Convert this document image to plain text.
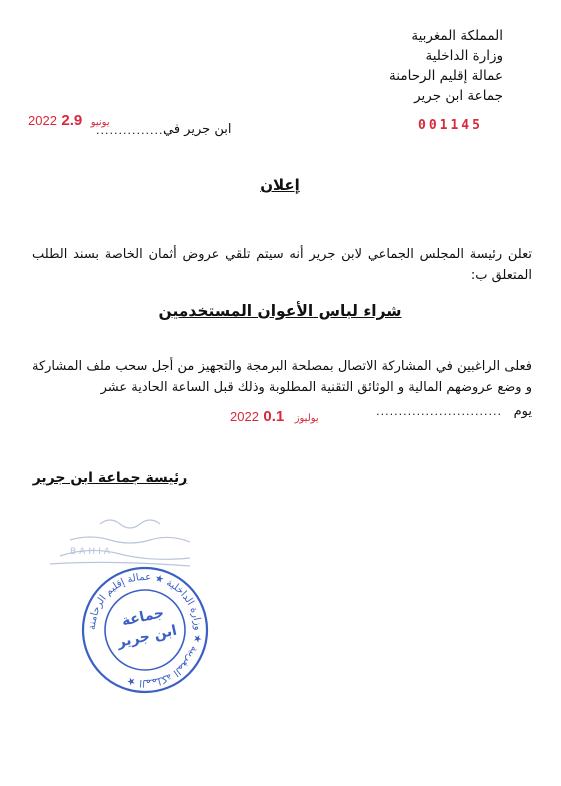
المملكة المغربية
وزارة الداخلية
عمالة إقليم الرحامنة
جماعة ابن جرير
001145
2022	يونيو 2.9
................
ابن جرير في
إعلان
تعلن رئيسة المجلس الجماعي لابن جرير أنه سيتم تلقي عروض أثمان الخاصة بسند الطلب المتعلق ب:
شراء لباس الأعوان المستخدمين
فعلى الراغبين في المشاركة الاتصال بمصلحة البرمجة والتجهيز من أجل سحب ملف المشاركة و وضع عروضهم المالية و الوثائق التقنية المطلوبة وذلك قبل الساعة الحادية عشر
يوم
............................
2022	يوليوز 0.1
رئيسة جماعة ابن جرير
BAHIA
المملكة المغربية ★ وزارة الداخلية ★ عمالة إقليم الرحامنة ★
جماعة
ابن جرير
